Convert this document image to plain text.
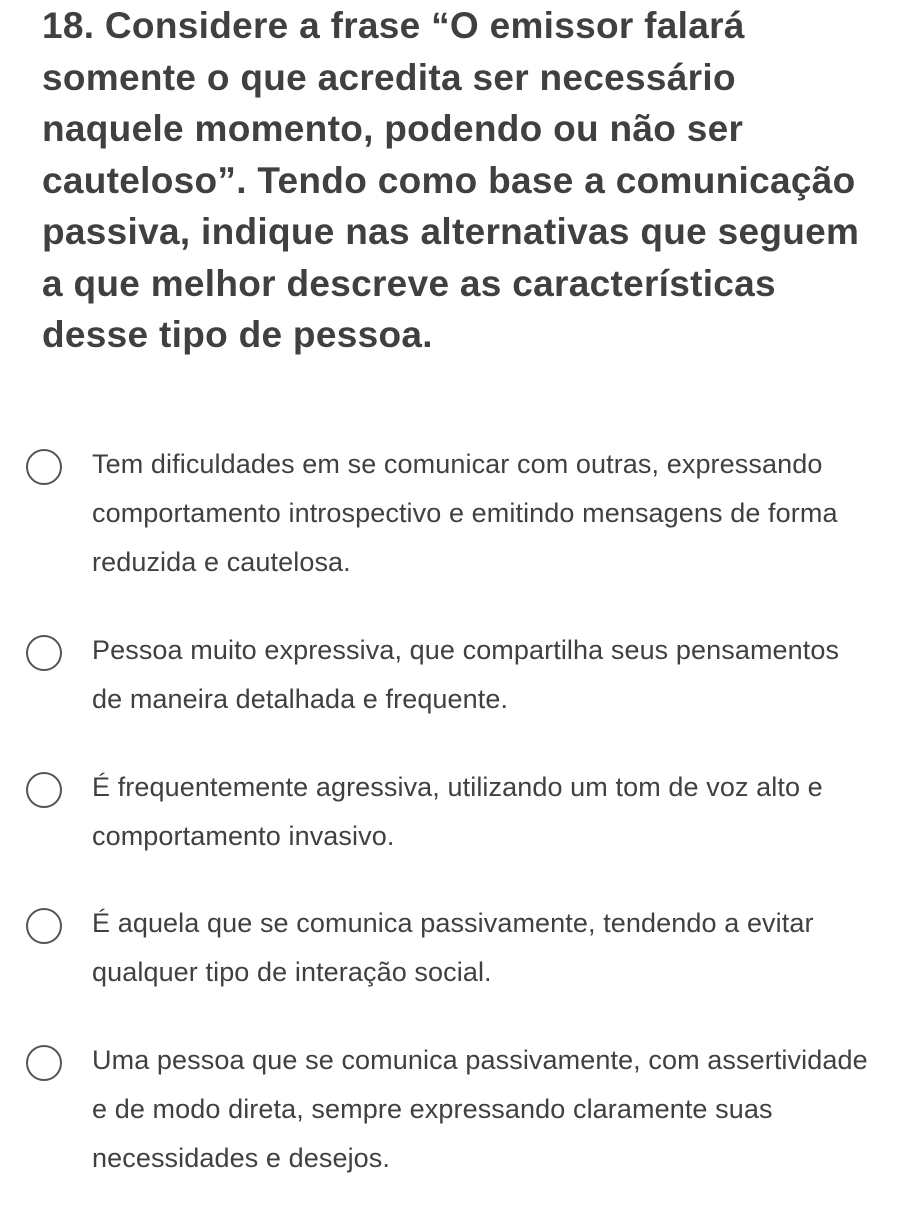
18. Considere a frase “O emissor falará somente o que acredita ser necessário naquele momento, podendo ou não ser cauteloso”. Tendo como base a comunicação passiva, indique nas alternativas que seguem a que melhor descreve as características desse tipo de pessoa.

Tem dificuldades em se comunicar com outras, expressando comportamento introspectivo e emitindo mensagens de forma reduzida e cautelosa.
Pessoa muito expressiva, que compartilha seus pensamentos de maneira detalhada e frequente.
É frequentemente agressiva, utilizando um tom de voz alto e comportamento invasivo.
É aquela que se comunica passivamente, tendendo a evitar qualquer tipo de interação social.
Uma pessoa que se comunica passivamente, com assertividade e de modo direta, sempre expressando claramente suas necessidades e desejos.
